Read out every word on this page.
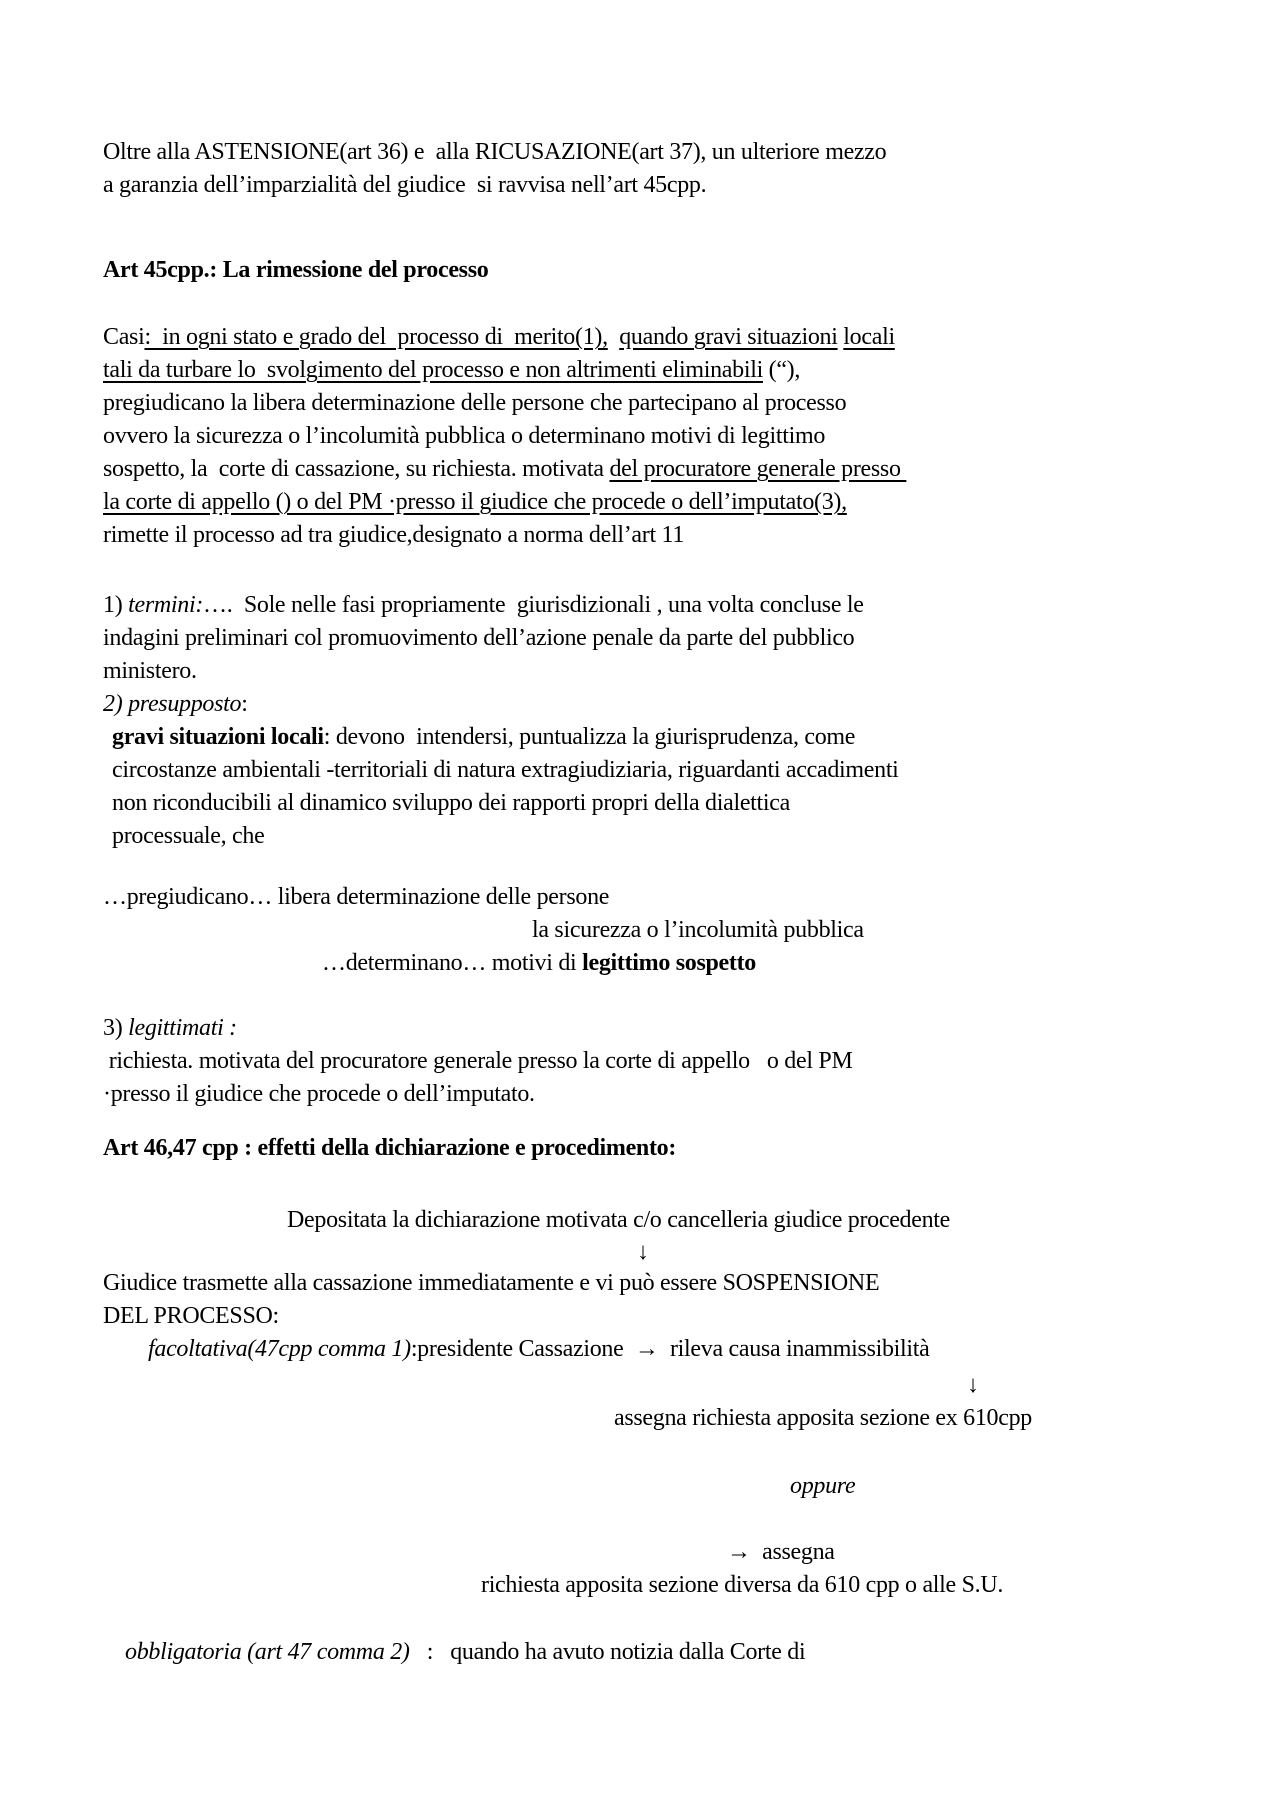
Oltre alla ASTENSIONE(art 36) e  alla RICUSAZIONE(art 37), un ulteriore mezzo
a garanzia dell’imparzialità del giudice  si ravvisa nell’art 45cpp.
Art 45cpp.: La rimessione del processo
Casi:  in ogni stato e grado del  processo di  merito(1), quando gravi situazioni locali
tali da turbare lo  svolgimento del processo e non altrimenti eliminabili (“),
pregiudicano la libera determinazione delle persone che partecipano al processo
ovvero la sicurezza o l’incolumità pubblica o determinano motivi di legittimo
sospetto, la  corte di cassazione, su richiesta. motivata del procuratore generale presso
la corte di appello () o del PM ·presso il giudice che procede o dell’imputato(3),
rimette il processo ad tra giudice,designato a norma dell’art 11
1) termini:….  Sole nelle fasi propriamente  giurisdizionali , una volta concluse le
indagini preliminari col promuovimento dell’azione penale da parte del pubblico
ministero.
2) presupposto:
gravi situazioni locali: devono  intendersi, puntualizza la giurisprudenza, come
circostanze ambientali -territoriali di natura extragiudiziaria, riguardanti accadimenti
non riconducibili al dinamico sviluppo dei rapporti propri della dialettica
processuale, che
…pregiudicano… libera determinazione delle persone
la sicurezza o l’incolumità pubblica
…determinano… motivi di legittimo sospetto
3) legittimati :
richiesta. motivata del procuratore generale presso la corte di appello   o del PM
·presso il giudice che procede o dell’imputato.
Art 46,47 cpp : effetti della dichiarazione e procedimento:
Depositata la dichiarazione motivata c/o cancelleria giudice procedente
↓
Giudice trasmette alla cassazione immediatamente e vi può essere SOSPENSIONE
DEL PROCESSO:
facoltativa(47cpp comma 1):presidente Cassazione  →  rileva causa inammissibilità
↓
assegna richiesta apposita sezione ex 610cpp
oppure
→  assegna
richiesta apposita sezione diversa da 610 cpp o alle S.U.
obbligatoria (art 47 comma 2)   :   quando ha avuto notizia dalla Corte di
